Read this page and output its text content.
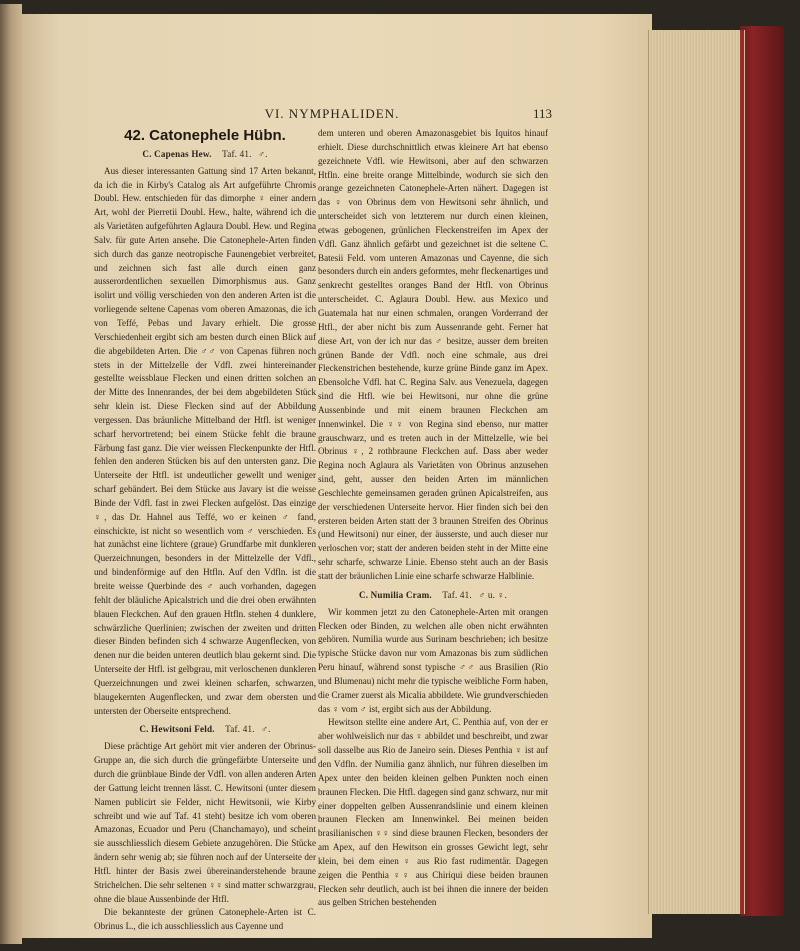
VI. NYMPHALIDEN.	113
42. Catonephele Hübn.
C. Capenas Hew. Taf. 41. ♂.

Aus dieser interessanten Gattung sind 17 Arten bekannt, da ich die in Kirby's Catalog als Art aufgeführte Chromis Doubl. Hew. entschieden für das dimorphe ♀ einer andern Art, wohl der Pierretii Doubl. Hew., halte, während ich die als Varietäten aufgeführten Aglaura Doubl. Hew. und Regina Salv. für gute Arten ansehe. Die Catonephele-Arten finden sich durch das ganze neotropische Faunengebiet verbreitet, und zeichnen sich fast alle durch einen ganz ausserordentlichen sexuellen Dimorphismus aus. Ganz isolirt und völlig verschieden von den anderen Arten ist die vorliegende seltene Capenas vom oberen Amazonas, die ich von Teffé, Pebas und Javary erhielt. Die grosse Verschiedenheit ergibt sich am besten durch einen Blick auf die abgebildeten Arten. Die ♂♂ von Capenas führen noch stets in der Mittelzelle der Vdfl. zwei hintereinander gestellte weissblaue Flecken und einen dritten solchen an der Mitte des Innenrandes, der bei dem abgebildeten Stück sehr klein ist. Diese Flecken sind auf der Abbildung vergessen. Das bräunliche Mittelband der Htfl. ist weniger scharf hervortretend; bei einem Stücke fehlt die braune Färbung fast ganz. Die vier weissen Fleckenpunkte der Htfl. fehlen den anderen Stücken bis auf den untersten ganz. Die Unterseite der Htfl. ist undeutlicher gewellt und weniger scharf gebändert. Bei dem Stücke aus Javary ist die weisse Binde der Vdfl. fast in zwei Flecken aufgelöst. Das einzige ♀, das Dr. Hahnel aus Teffé, wo er keinen ♂ fand, einschickte, ist nicht so wesentlich vom ♂ verschieden. Es hat zunächst eine lichtere (graue) Grundfarbe mit dunkleren Querzeichnungen, besonders in der Mittelzelle der Vdfl., und bindenförmige auf den Htfln. Auf den Vdfln. ist die breite weisse Querbinde des ♂ auch vorhanden, dagegen fehlt der bläuliche Apicalstrich und die drei oben erwähnten blauen Fleckchen. Auf den grauen Htfln. stehen 4 dunklere, schwärzliche Querlinien; zwischen der zweiten und dritten dieser Binden befinden sich 4 schwarze Augenflecken, von denen nur die beiden unteren deutlich blau gekernt sind. Die Unterseite der Htfl. ist gelbgrau, mit verloschenen dunkleren Querzeichnungen und zwei kleinen scharfen, schwarzen, blaugekernten Augenflecken, und zwar dem obersten und untersten der Oberseite entsprechend.

C. Hewitsoni Feld. Taf. 41. ♂.

Diese prächtige Art gehört mit vier anderen der Obrinus-Gruppe an, die sich durch die grüngefärbte Unterseite und durch die grünblaue Binde der Vdfl. von allen anderen Arten der Gattung leicht trennen lässt. C. Hewitsoni (unter diesem Namen publicirt sie Felder, nicht Hewitsonii, wie Kirby schreibt und wie auf Taf. 41 steht) besitze ich vom oberen Amazonas, Ecuador und Peru (Chanchamayo), und scheint sie ausschliesslich diesem Gebiete anzugehören. Die Stücke ändern sehr wenig ab; sie führen noch auf der Unterseite der Htfl. hinter der Basis zwei übereinanderstehende braune Strichelchen. Die sehr seltenen ♀♀ sind matter schwarzgrau, ohne die blaue Aussenbinde der Htfl.

Die bekannteste der grünen Catonephele-Arten ist C. Obrinus L., die ich ausschliesslich aus Cayenne und

dem unteren und oberen Amazonasgebiet bis Iquitos hinauf erhielt. Diese durchschnittlich etwas kleinere Art hat ebenso gezeichnete Vdfl. wie Hewitsoni, aber auf den schwarzen Htfln. eine breite orange Mittelbinde, wodurch sie sich den orange gezeichneten Catonephele-Arten nähert. Dagegen ist das ♀ von Obrinus dem von Hewitsoni sehr ähnlich, und unterscheidet sich von letzterem nur durch einen kleinen, etwas gebogenen, grünlichen Fleckenstreifen im Apex der Vdfl. Ganz ähnlich gefärbt und gezeichnet ist die seltene C. Batesii Feld. vom unteren Amazonas und Cayenne, die sich besonders durch ein anders geformtes, mehr fleckenartiges und senkrecht gestelltes oranges Band der Htfl. von Obrinus unterscheidet. C. Aglaura Doubl. Hew. aus Mexico und Guatemala hat nur einen schmalen, orangen Vorderrand der Htfl., der aber nicht bis zum Aussenrande geht. Ferner hat diese Art, von der ich nur das ♂ besitze, ausser dem breiten grünen Bande der Vdfl. noch eine schmale, aus drei Fleckenstrichen bestehende, kurze grüne Binde ganz im Apex. Ebensolche Vdfl. hat C. Regina Salv. aus Venezuela, dagegen sind die Htfl. wie bei Hewitsoni, nur ohne die grüne Aussenbinde und mit einem braunen Fleckchen am Innenwinkel. Die ♀♀ von Regina sind ebenso, nur matter grauschwarz, und es treten auch in der Mittelzelle, wie bei Obrinus ♀, 2 rothbraune Fleckchen auf. Dass aber weder Regina noch Aglaura als Varietäten von Obrinus anzusehen sind, geht, ausser den beiden Arten im männlichen Geschlechte gemeinsamen geraden grünen Apicalstreifen, aus der verschiedenen Unterseite hervor. Hier finden sich bei den ersteren beiden Arten statt der 3 braunen Streifen des Obrinus (und Hewitsoni) nur einer, der äusserste, und auch dieser nur verloschen vor; statt der anderen beiden steht in der Mitte eine sehr scharfe, schwarze Linie. Ebenso steht auch an der Basis statt der bräunlichen Linie eine scharfe schwarze Halblinie.

C. Numilia Cram. Taf. 41. ♂ u. ♀.

Wir kommen jetzt zu den Catonephele-Arten mit orangen Flecken oder Binden, zu welchen alle oben nicht erwähnten gehören. Numilia wurde aus Surinam beschrieben; ich besitze typische Stücke davon nur vom Amazonas bis zum südlichen Peru hinauf, während sonst typische ♂♂ aus Brasilien (Rio und Blumenau) nicht mehr die typische weibliche Form haben, die Cramer zuerst als Micalia abbildete. Wie grundverschieden das ♀ vom ♂ ist, ergibt sich aus der Abbildung.

Hewitson stellte eine andere Art, C. Penthia auf, von der er aber wohlweislich nur das ♀ abbildet und beschreibt, und zwar soll dasselbe aus Rio de Janeiro sein. Dieses Penthia ♀ ist auf den Vdfln. der Numilia ganz ähnlich, nur führen dieselben im Apex unter den beiden kleinen gelben Punkten noch einen braunen Flecken. Die Htfl. dagegen sind ganz schwarz, nur mit einer doppelten gelben Aussenrandslinie und einem kleinen braunen Flecken am Innenwinkel. Bei meinen beiden brasilianischen ♀♀ sind diese braunen Flecken, besonders der am Apex, auf den Hewitson ein grosses Gewicht legt, sehr klein, bei dem einen ♀ aus Rio fast rudimentär. Dagegen zeigen die Penthia ♀♀ aus Chiriqui diese beiden braunen Flecken sehr deutlich, auch ist bei ihnen die innere der beiden aus gelben Strichen bestehenden
